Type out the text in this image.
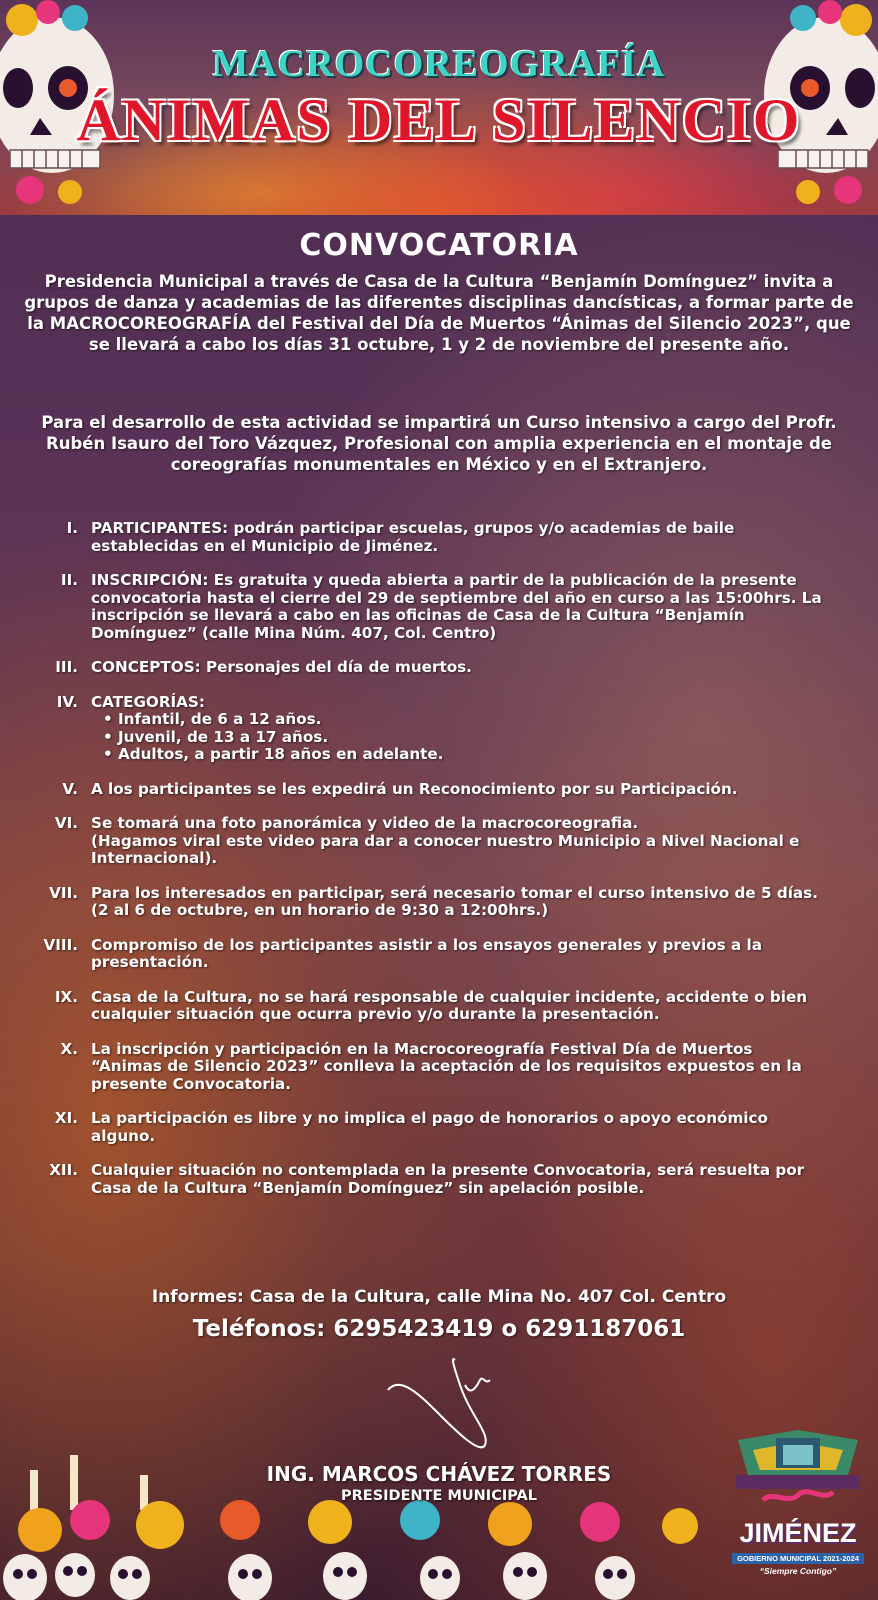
MACROCOREOGRAFÍA
ÁNIMAS DEL SILENCIO
CONVOCATORIA
Presidencia Municipal a través de Casa de la Cultura “Benjamín Domínguez” invita a grupos de danza y academias de las diferentes disciplinas dancísticas, a formar parte de la MACROCOREOGRAFÍA del Festival del Día de Muertos “Ánimas del Silencio 2023”, que se llevará a cabo los días 31 octubre, 1 y 2 de noviembre del presente año.
Para el desarrollo de esta actividad se impartirá un Curso intensivo a cargo del Profr. Rubén Isauro del Toro Vázquez, Profesional con amplia experiencia en el montaje de coreografías monumentales en México y en el Extranjero.
I. PARTICIPANTES: podrán participar escuelas, grupos y/o academias de baile establecidas en el Municipio de Jiménez.
II. INSCRIPCIÓN: Es gratuita y queda abierta a partir de la publicación de la presente convocatoria hasta el cierre del 29 de septiembre del año en curso a las 15:00hrs. La inscripción se llevará a cabo en las oficinas de Casa de la Cultura “Benjamín Domínguez” (calle Mina Núm. 407, Col. Centro)
III. CONCEPTOS: Personajes del día de muertos.
IV. CATEGORÍAS:
• Infantil, de 6 a 12 años.
• Juvenil, de 13 a 17 años.
• Adultos, a partir 18 años en adelante.
V. A los participantes se les expedirá un Reconocimiento por su Participación.
VI. Se tomará una foto panorámica y video de la macrocoreografia.
(Hagamos viral este video para dar a conocer nuestro Municipio a Nivel Nacional e Internacional).
VII. Para los interesados en participar, será necesario tomar el curso intensivo de 5 días. (2 al 6 de octubre, en un horario de 9:30 a 12:00hrs.)
VIII. Compromiso de los participantes asistir a los ensayos generales y previos a la presentación.
IX. Casa de la Cultura, no se hará responsable de cualquier incidente, accidente o bien cualquier situación que ocurra previo y/o durante la presentación.
X. La inscripción y participación en la Macrocoreografía Festival Día de Muertos “Animas de Silencio 2023” conlleva la aceptación de los requisitos expuestos en la presente Convocatoria.
XI. La participación es libre y no implica el pago de honorarios o apoyo económico alguno.
XII. Cualquier situación no contemplada en la presente Convocatoria, será resuelta por Casa de la Cultura “Benjamín Domínguez” sin apelación posible.
Informes: Casa de la Cultura, calle Mina No. 407 Col. Centro
Teléfonos: 6295423419 o 6291187061
ING. MARCOS CHÁVEZ TORRES
PRESIDENTE MUNICIPAL
JIMÉNEZ
GOBIERNO MUNICIPAL 2021-2024
“Siempre Contigo”
